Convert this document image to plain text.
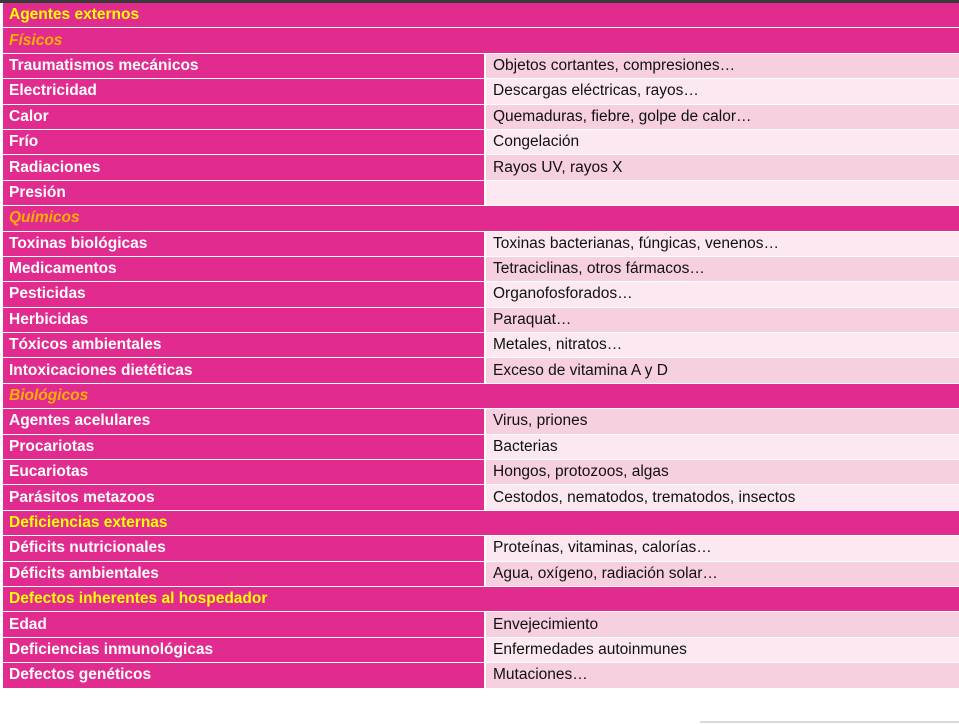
Agentes externos
Físicos
Traumatismos mecánicos	Objetos cortantes, compresiones…
Electricidad	Descargas eléctricas, rayos…
Calor	Quemaduras, fiebre, golpe de calor…
Frío	Congelación
Radiaciones	Rayos UV, rayos X
Presión
Químicos
Toxinas biológicas	Toxinas bacterianas, fúngicas, venenos…
Medicamentos	Tetraciclinas, otros fármacos…
Pesticidas	Organofosforados…
Herbicidas	Paraquat…
Tóxicos ambientales	Metales, nitratos…
Intoxicaciones dietéticas	Exceso de vitamina A y D
Biológicos
Agentes acelulares	Virus, priones
Procariotas	Bacterias
Eucariotas	Hongos, protozoos, algas
Parásitos metazoos	Cestodos, nematodos, trematodos, insectos
Deficiencias externas
Déficits nutricionales	Proteínas, vitaminas, calorías…
Déficits ambientales	Agua, oxígeno, radiación solar…
Defectos inherentes al hospedador
Edad	Envejecimiento
Deficiencias inmunológicas	Enfermedades autoinmunes
Defectos genéticos	Mutaciones…
